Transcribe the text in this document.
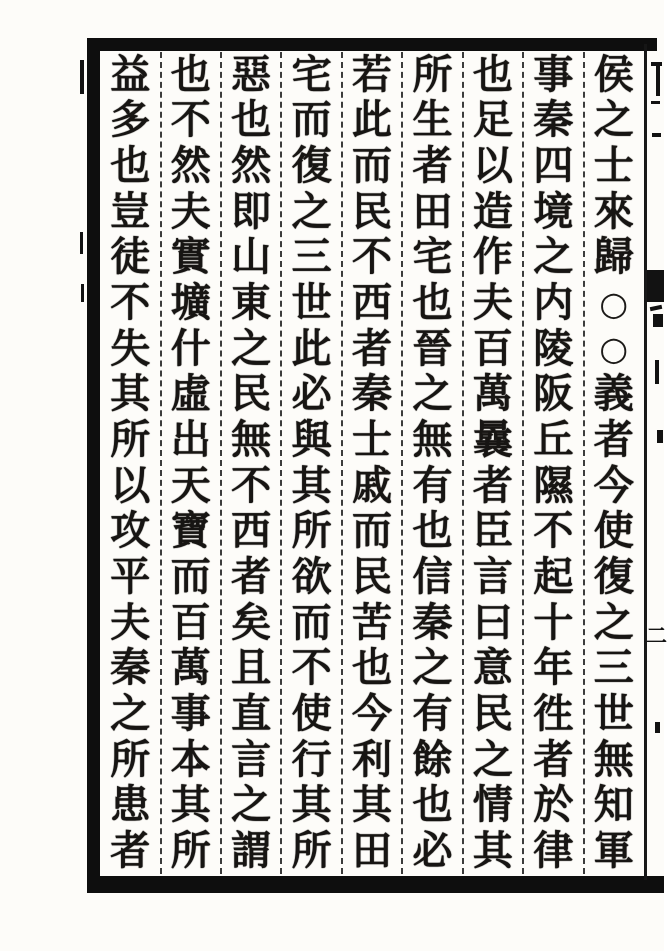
侯
之
士
來
歸
○
○
義
者
今
使
復
之
三
世
無
知
軍
事
秦
四
境
之
内
陵
阪
丘
隰
不
起
十
年
徃
者
於
律
也
足
以
造
作
夫
百
萬
曩
者
臣
言
曰
意
民
之
情
其
所
生
者
田
宅
也
晉
之
無
有
也
信
秦
之
有
餘
也
必
若
此
而
民
不
西
者
秦
士
戚
而
民
苦
也
今
利
其
田
宅
而
復
之
三
世
此
必
與
其
所
欲
而
不
使
行
其
所
惡
也
然
即
山
東
之
民
無
不
西
者
矣
且
直
言
之
謂
也
不
然
夫
實
壙
什
虛
出
天
寶
而
百
萬
事
本
其
所
益
多
也
豈
徒
不
失
其
所
以
攻
平
夫
秦
之
所
患
者
二
